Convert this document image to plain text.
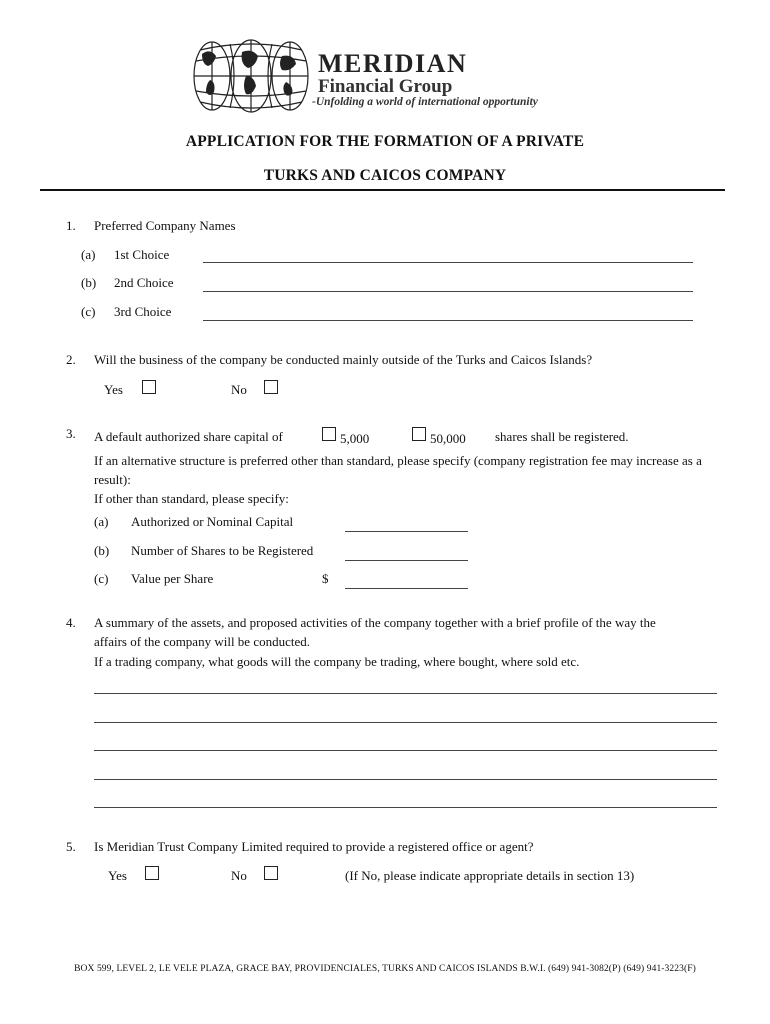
MERIDIAN
Financial Group
-Unfolding a world of international opportunity
APPLICATION FOR THE FORMATION OF A PRIVATE
TURKS AND CAICOS COMPANY
1. Preferred Company Names
(a) 1st Choice
(b) 2nd Choice
(c) 3rd Choice
2. Will the business of the company be conducted mainly outside of the Turks and Caicos Islands?
Yes	No
3. A default authorized share capital of	5,000	50,000 shares shall be registered.
If an alternative structure is preferred other than standard, please specify (company registration fee may increase as a
result):
If other than standard, please specify:
(a) Authorized or Nominal Capital
(b) Number of Shares to be Registered
(c) Value per Share	$
4. A summary of the assets, and proposed activities of the company together with a brief profile of the way the
affairs of the company will be conducted.
If a trading company, what goods will the company be trading, where bought, where sold etc.
5. Is Meridian Trust Company Limited required to provide a registered office or agent?
Yes	No	(If No, please indicate appropriate details in section 13)
BOX 599, LEVEL 2, LE VELE PLAZA, GRACE BAY, PROVIDENCIALES, TURKS AND CAICOS ISLANDS B.W.I. (649) 941-3082(P) (649) 941-3223(F)
